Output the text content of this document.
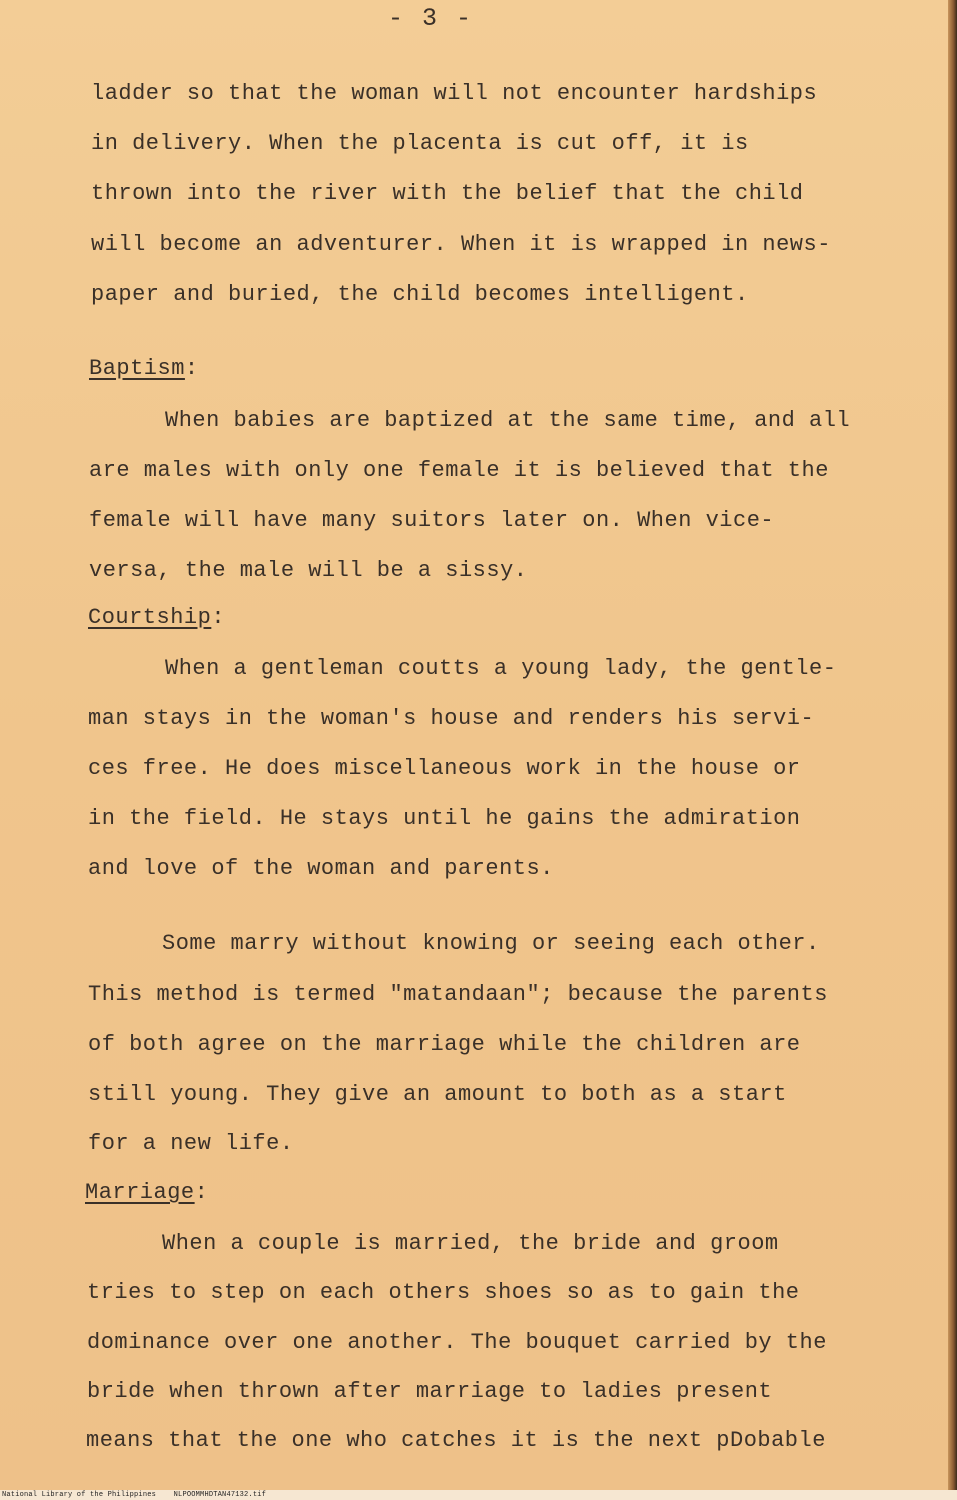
- 3 -
ladder so that the woman will not encounter hardships
in delivery. When the placenta is cut off, it is
thrown into the river with the belief that the child
will become an adventurer. When it is wrapped in news-
paper and buried, the child becomes intelligent.
Baptism:
When babies are baptized at the same time, and all
are males with only one female it is believed that the
female will have many suitors later on. When vice-
versa, the male will be a sissy.
Courtship:
When a gentleman coutts a young lady, the gentle-
man stays in the woman's house and renders his servi-
ces free. He does miscellaneous work in the house or
in the field. He stays until he gains the admiration
and love of the woman and parents.
Some marry without knowing or seeing each other.
This method is termed "matandaan"; because the parents
of both agree on the marriage while the children are
still young. They give an amount to both as a start
for a new life.
Marriage:
When a couple is married, the bride and groom
tries to step on each others shoes so as to gain the
dominance over one another. The bouquet carried by the
bride when thrown after marriage to ladies present
means that the one who catches it is the next pDobable
National Library of the Philippines	NLPOOMMHDTAN47132.tif
